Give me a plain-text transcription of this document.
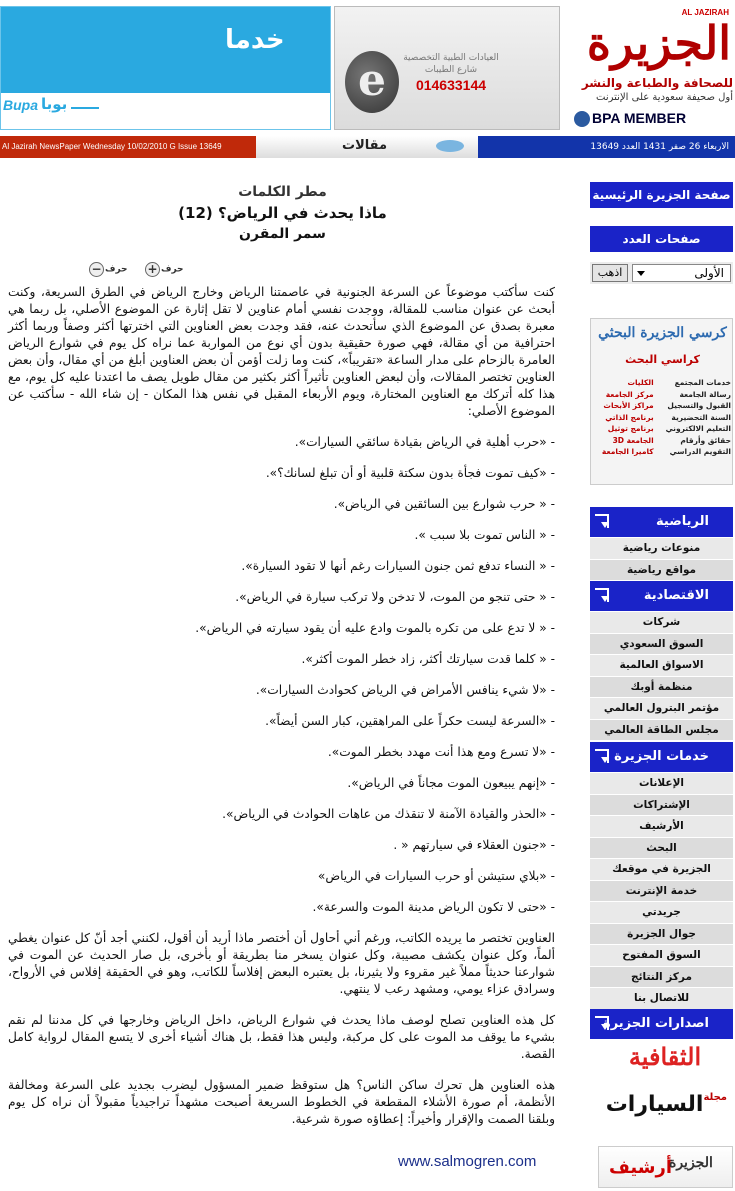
AL JAZIRAH
الجزيرة
للصحافة والطباعة والنشر
أول صحيفة سعودية على الإنترنت
BPA MEMBER
e	العيادات الطبية التخصصية
شارع الطيبات
014633144
خدما
Bupa بوبا
Al Jazirah NewsPaper Wednesday 10/02/2010 G Issue 13649	مقالات	الاربعاء 26 صفر 1431 العدد 13649
مطر الكلمات
ماذا يحدث في الرياض؟ (12)
سمر المقرن
+ ﺣﺮﻑ
− ﺣﺮﻑ

كنت سأكتب موضوعاً عن السرعة الجنونية في عاصمتنا الرياض وخارج الرياض في الطرق السريعة، وكنت أبحث عن عنوان مناسب للمقالة، ووجدت نفسي أمام عناوين لا تقل إثارة عن الموضوع الأصلي، بل ربما هي معبرة بصدق عن الموضوع الذي سأتحدث عنه، فقد وجدت بعض العناوين التي اخترتها أكثر وصفاً وربما أكثر احترافية من أي مقالة، فهي صورة حقيقية بدون أي نوع من المواربة عما نراه كل يوم في شوارع الرياض العامرة بالزحام على مدار الساعة «تقريباً»، كنت وما زلت أؤمن أن بعض العناوين أبلغ من أي مقال، وأن بعض العناوين تختصر المقالات، وأن لبعض العناوين تأثيراً أكثر بكثير من مقال طويل يصف ما اعتدنا عليه كل يوم، مع هذا كله أتركك مع العناوين المختارة، ويوم الأربعاء المقبل في نفس هذا المكان - إن شاء الله - سأكتب عن الموضوع الأصلي:

- «حرب أهلية في الرياض بقيادة سائقي السيارات».

- «كيف تموت فجأة بدون سكتة قلبية أو أن تبلغ لسانك؟».

- « حرب شوارع بين السائقين في الرياض».

- « الناس تموت بلا سبب ».

- « النساء تدفع ثمن جنون السيارات رغم أنها لا تقود السيارة».

- « حتى تنجو من الموت، لا تدخن ولا تركب سيارة في الرياض».

- « لا تدع على من تكره بالموت وادع عليه أن يقود سيارته في الرياض».

- « كلما قدت سيارتك أكثر، زاد خطر الموت أكثر».

- «لا شيء ينافس الأمراض في الرياض كحوادث السيارات».

- «السرعة ليست حكراً على المراهقين، كبار السن أيضاً».

- «لا تسرع ومع هذا أنت مهدد بخطر الموت».

- «إنهم يبيعون الموت مجاناً في الرياض».

- «الحذر والقيادة الآمنة لا تنقذك من عاهات الحوادث في الرياض».

- «جنون العقلاء في سيارتهم « .

- «بلاي ستيشن أو حرب السيارات في الرياض»

- «حتى لا تكون الرياض مدينة الموت والسرعة».

العناوين تختصر ما يريده الكاتب، ورغم أني أحاول أن أختصر ماذا أريد أن أقول، لكنني أجد أنّ كل عنوان يغطي ألماً، وكل عنوان يكشف مصيبة، وكل عنوان يسخر منا بطريقة أو بأخرى، بل صار الحديث عن الموت في شوارعنا حديثاً مملاً غير مقروء ولا يثيرنا، بل يعتبره البعض إفلاساً للكاتب، وهو في الحقيقة إفلاس في الأرواح، وسرادق عزاء يومي، ومشهد رعب لا ينتهي.

كل هذه العناوين تصلح لوصف ماذا يحدث في شوارع الرياض، داخل الرياض وخارجها في كل مدننا لم نقم بشيء ما يوقف مد الموت على كل مركبة، وليس هذا فقط، بل هناك أشياء أخرى لا يتسع المقال لرواية كامل القصة.

هذه العناوين هل تحرك ساكن الناس؟ هل ستوقظ ضمير المسؤول ليضرب بجديد على السرعة ومخالفة الأنظمة، أم صورة الأشلاء المقطعة في الخطوط السريعة أصبحت مشهداً تراجيدياً مقبولاً أن نراه كل يوم وبلقنا الصمت والإقرار وأخيراً: إعطاؤه صورة شرعية.

www.salmogren.com
صفحة الجزيرة الرئيسية
صفحات العدد
الأولى
اذهب
كرسي الجزيرة البحثي
كراسي البحث
خدمات المجتمع	الكليات
رسالة الجامعة	مركز الجامعة
القبول والتسجيل	مراكز الأبحاث
السنة التحضيرية	برنامج الذاتي
التعليم الالكتروني	برنامج توثيل
حقائق وأرقام	الجامعة 3D
التقويم الدراسي	كاميرا الجامعة
الرياضية
منوعات رياضية
مواقع رياضية
الاقتصادية
شركات
السوق السعودي
الاسواق العالمية
منظمة أوبك
مؤتمر البترول العالمي
مجلس الطاقة العالمي
خدمات الجزيرة
الإعلانات
الإشتراكات
الأرشيف
البحث
الجزيرة في موقعك
خدمة الإنترنت
جريدتي
جوال الجزيرة
السوق المفتوح
مركز النتائج
للاتصال بنا
اصدارات الجزيرة
الثقافية
$^{مجلة}$السيارات
أرشيف
الجزيرة
